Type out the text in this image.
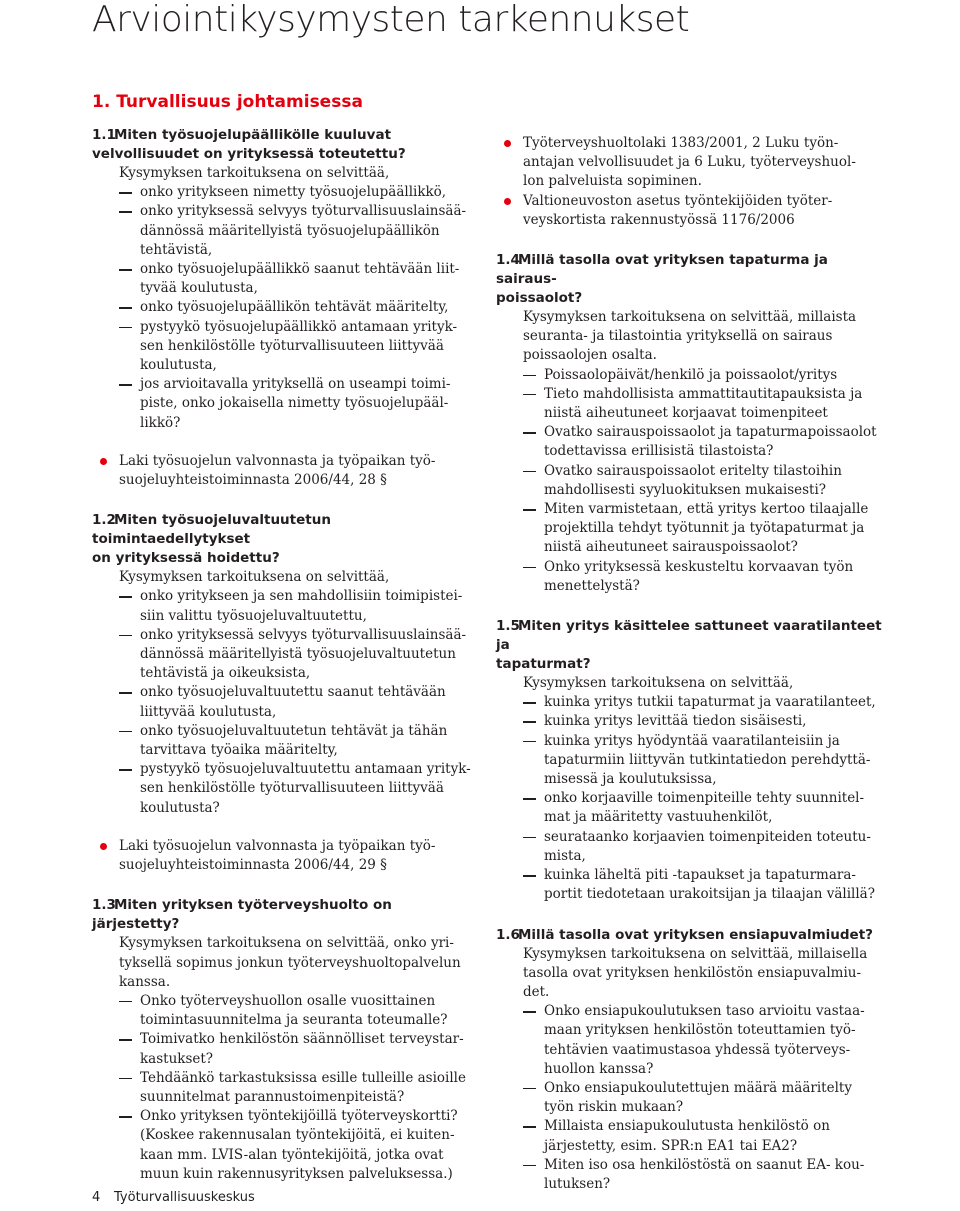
Arviointikysymysten tarkennukset
1. Turvallisuus johtamisessa
1.1Miten työsuojelupäällikölle kuuluvat
velvollisuudet on yrityksessä toteutettu?
Kysymyksen tarkoituksena on selvittää,
onko yritykseen nimetty työsuojelupäällikkö,
onko yrityksessä selvyys työturvallisuuslainsää-
dännössä määritellyistä työsuojelupäällikön
tehtävistä,
onko työsuojelupäällikkö saanut tehtävään liit-
tyvää koulutusta,
onko työsuojelupäällikön tehtävät määritelty,
pystyykö työsuojelupäällikkö antamaan yrityk-
sen henkilöstölle työturvallisuuteen liittyvää
koulutusta,
jos arvioitavalla yrityksellä on useampi toimi-
piste, onko jokaisella nimetty työsuojelupääl-
likkö?
Laki työsuojelun valvonnasta ja työpaikan työ-
suojeluyhteistoiminnasta 2006/44, 28 §
1.2Miten työsuojeluvaltuutetun toimintaedellytykset
on yrityksessä hoidettu?
Kysymyksen tarkoituksena on selvittää,
onko yritykseen ja sen mahdollisiin toimipistei-
siin valittu työsuojeluvaltuutettu,
onko yrityksessä selvyys työturvallisuuslainsää-
dännössä määritellyistä työsuojeluvaltuutetun
tehtävistä ja oikeuksista,
onko työsuojeluvaltuutettu saanut tehtävään
liittyvää koulutusta,
onko työsuojeluvaltuutetun tehtävät ja tähän
tarvittava työaika määritelty,
pystyykö työsuojeluvaltuutettu antamaan yrityk-
sen henkilöstölle työturvallisuuteen liittyvää
koulutusta?
Laki työsuojelun valvonnasta ja työpaikan työ-
suojeluyhteistoiminnasta 2006/44, 29 §
1.3Miten yrityksen työterveyshuolto on järjestetty?
Kysymyksen tarkoituksena on selvittää, onko yri-
tyksellä sopimus jonkun työterveyshuoltopalvelun
kanssa.
Onko työterveyshuollon osalle vuosittainen
toimintasuunnitelma ja seuranta toteumalle?
Toimivatko henkilöstön säännölliset terveystar-
kastukset?
Tehdäänkö tarkastuksissa esille tulleille asioille
suunnitelmat parannustoimenpiteistä?
Onko yrityksen työntekijöillä työterveyskortti?
(Koskee rakennusalan työntekijöitä, ei kuiten-
kaan mm. LVIS-alan työntekijöitä, jotka ovat
muun kuin rakennusyrityksen palveluksessa.)
Työterveyshuoltolaki 1383/2001, 2 Luku työn-
antajan velvollisuudet ja 6 Luku, työterveyshuol-
lon palveluista sopiminen.
Valtioneuvoston asetus työntekijöiden työter-
veyskortista rakennustyössä 1176/2006
1.4Millä tasolla ovat yrityksen tapaturma ja sairaus-
poissaolot?
Kysymyksen tarkoituksena on selvittää, millaista
seuranta- ja tilastointia yrityksellä on sairaus
poissaolojen osalta.
Poissaolopäivät/henkilö ja poissaolot/yritys
Tieto mahdollisista ammattitautitapauksista ja
niistä aiheutuneet korjaavat toimenpiteet
Ovatko sairauspoissaolot ja tapaturmapoissaolot
todettavissa erillisistä tilastoista?
Ovatko sairauspoissaolot eritelty tilastoihin
mahdollisesti syyluokituksen mukaisesti?
Miten varmistetaan, että yritys kertoo tilaajalle
projektilla tehdyt työtunnit ja työtapaturmat ja
niistä aiheutuneet sairauspoissaolot?
Onko yrityksessä keskusteltu korvaavan työn
menettelystä?
1.5Miten yritys käsittelee sattuneet vaaratilanteet ja
tapaturmat?
Kysymyksen tarkoituksena on selvittää,
kuinka yritys tutkii tapaturmat ja vaaratilanteet,
kuinka yritys levittää tiedon sisäisesti,
kuinka yritys hyödyntää vaaratilanteisiin ja
tapaturmiin liittyvän tutkintatiedon perehdyttä-
misessä ja koulutuksissa,
onko korjaaville toimenpiteille tehty suunnitel-
mat ja määritetty vastuuhenkilöt,
seurataanko korjaavien toimenpiteiden toteutu-
mista,
kuinka läheltä piti -tapaukset ja tapaturmara-
portit tiedotetaan urakoitsijan ja tilaajan välillä?
1.6Millä tasolla ovat yrityksen ensiapuvalmiudet?
Kysymyksen tarkoituksena on selvittää, millaisella
tasolla ovat yrityksen henkilöstön ensiapuvalmiu-
det.
Onko ensiapukoulutuksen taso arvioitu vastaa-
maan yrityksen henkilöstön toteuttamien työ-
tehtävien vaatimustasoa yhdessä työterveys-
huollon kanssa?
Onko ensiapukoulutettujen määrä määritelty
työn riskin mukaan?
Millaista ensiapukoulutusta henkilöstö on
järjestetty, esim. SPR:n EA1 tai EA2?
Miten iso osa henkilöstöstä on saanut EA- kou-
lutuksen?
4 Työturvallisuuskeskus
